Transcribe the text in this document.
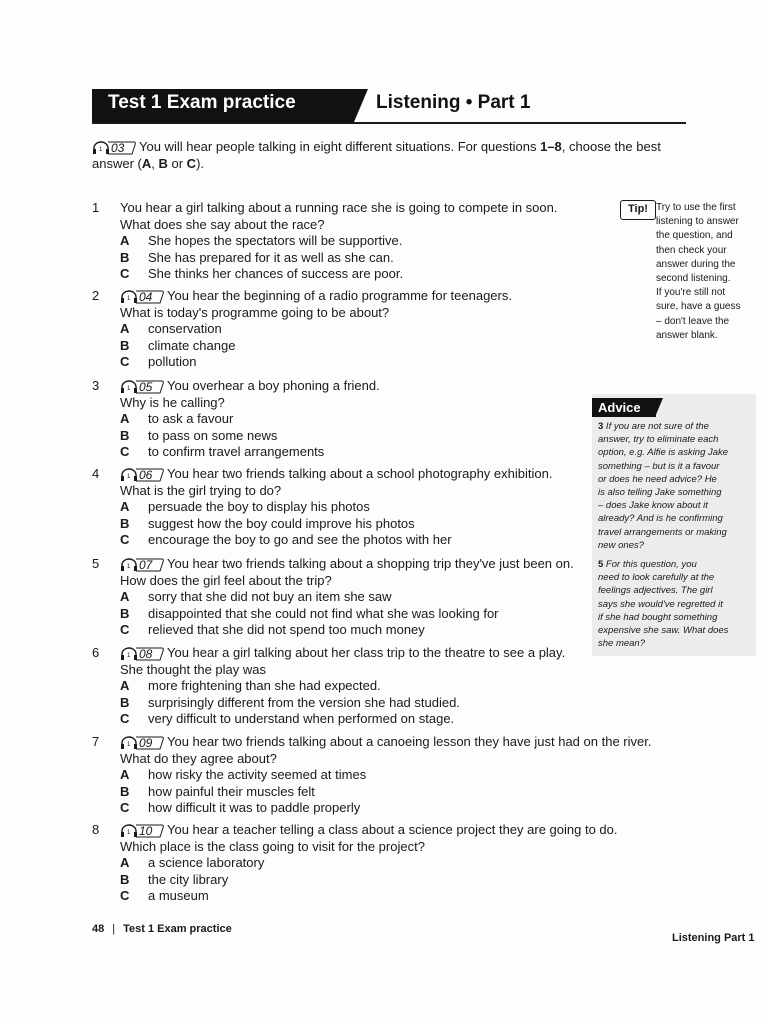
Test 1 Exam practice	Listening • Part 1
1 03 You will hear people talking in eight different situations. For questions 1–8, choose the best answer (A, B or C).
1	You hear a girl talking about a running race she is going to compete in soon.
What does she say about the race?
A She hopes the spectators will be supportive.
B She has prepared for it as well as she can.
C She thinks her chances of success are poor.
2	1 04 You hear the beginning of a radio programme for teenagers.
What is today's programme going to be about?
A conservation
B climate change
C pollution
3	1 05 You overhear a boy phoning a friend.
Why is he calling?
A to ask a favour
B to pass on some news
C to confirm travel arrangements
4	1 06 You hear two friends talking about a school photography exhibition.
What is the girl trying to do?
A persuade the boy to display his photos
B suggest how the boy could improve his photos
C encourage the boy to go and see the photos with her
5	1 07 You hear two friends talking about a shopping trip they've just been on.
How does the girl feel about the trip?
A sorry that she did not buy an item she saw
B disappointed that she could not find what she was looking for
C relieved that she did not spend too much money
6	1 08 You hear a girl talking about her class trip to the theatre to see a play.
She thought the play was
A more frightening than she had expected.
B surprisingly different from the version she had studied.
C very difficult to understand when performed on stage.
7	1 09 You hear two friends talking about a canoeing lesson they have just had on the river.
What do they agree about?
A how risky the activity seemed at times
B how painful their muscles felt
C how difficult it was to paddle properly
8	1 10 You hear a teacher telling a class about a science project they are going to do.
Which place is the class going to visit for the project?
A a science laboratory
B the city library
C a museum
Tip! Try to use the first
listening to answer
the question, and
then check your
answer during the
second listening.
If you're still not
sure, have a guess
– don't leave the
answer blank.
Advice
3 If you are not sure of the
answer, try to eliminate each
option, e.g. Alfie is asking Jake
something – but is it a favour
or does he need advice? He
is also telling Jake something
– does Jake know about it
already? And is he confirming
travel arrangements or making
new ones?
5 For this question, you
need to look carefully at the
feelings adjectives. The girl
says she would've regretted it
if she had bought something
expensive she saw. What does
she mean?
48 | Test 1 Exam practice
Listening Part 1
